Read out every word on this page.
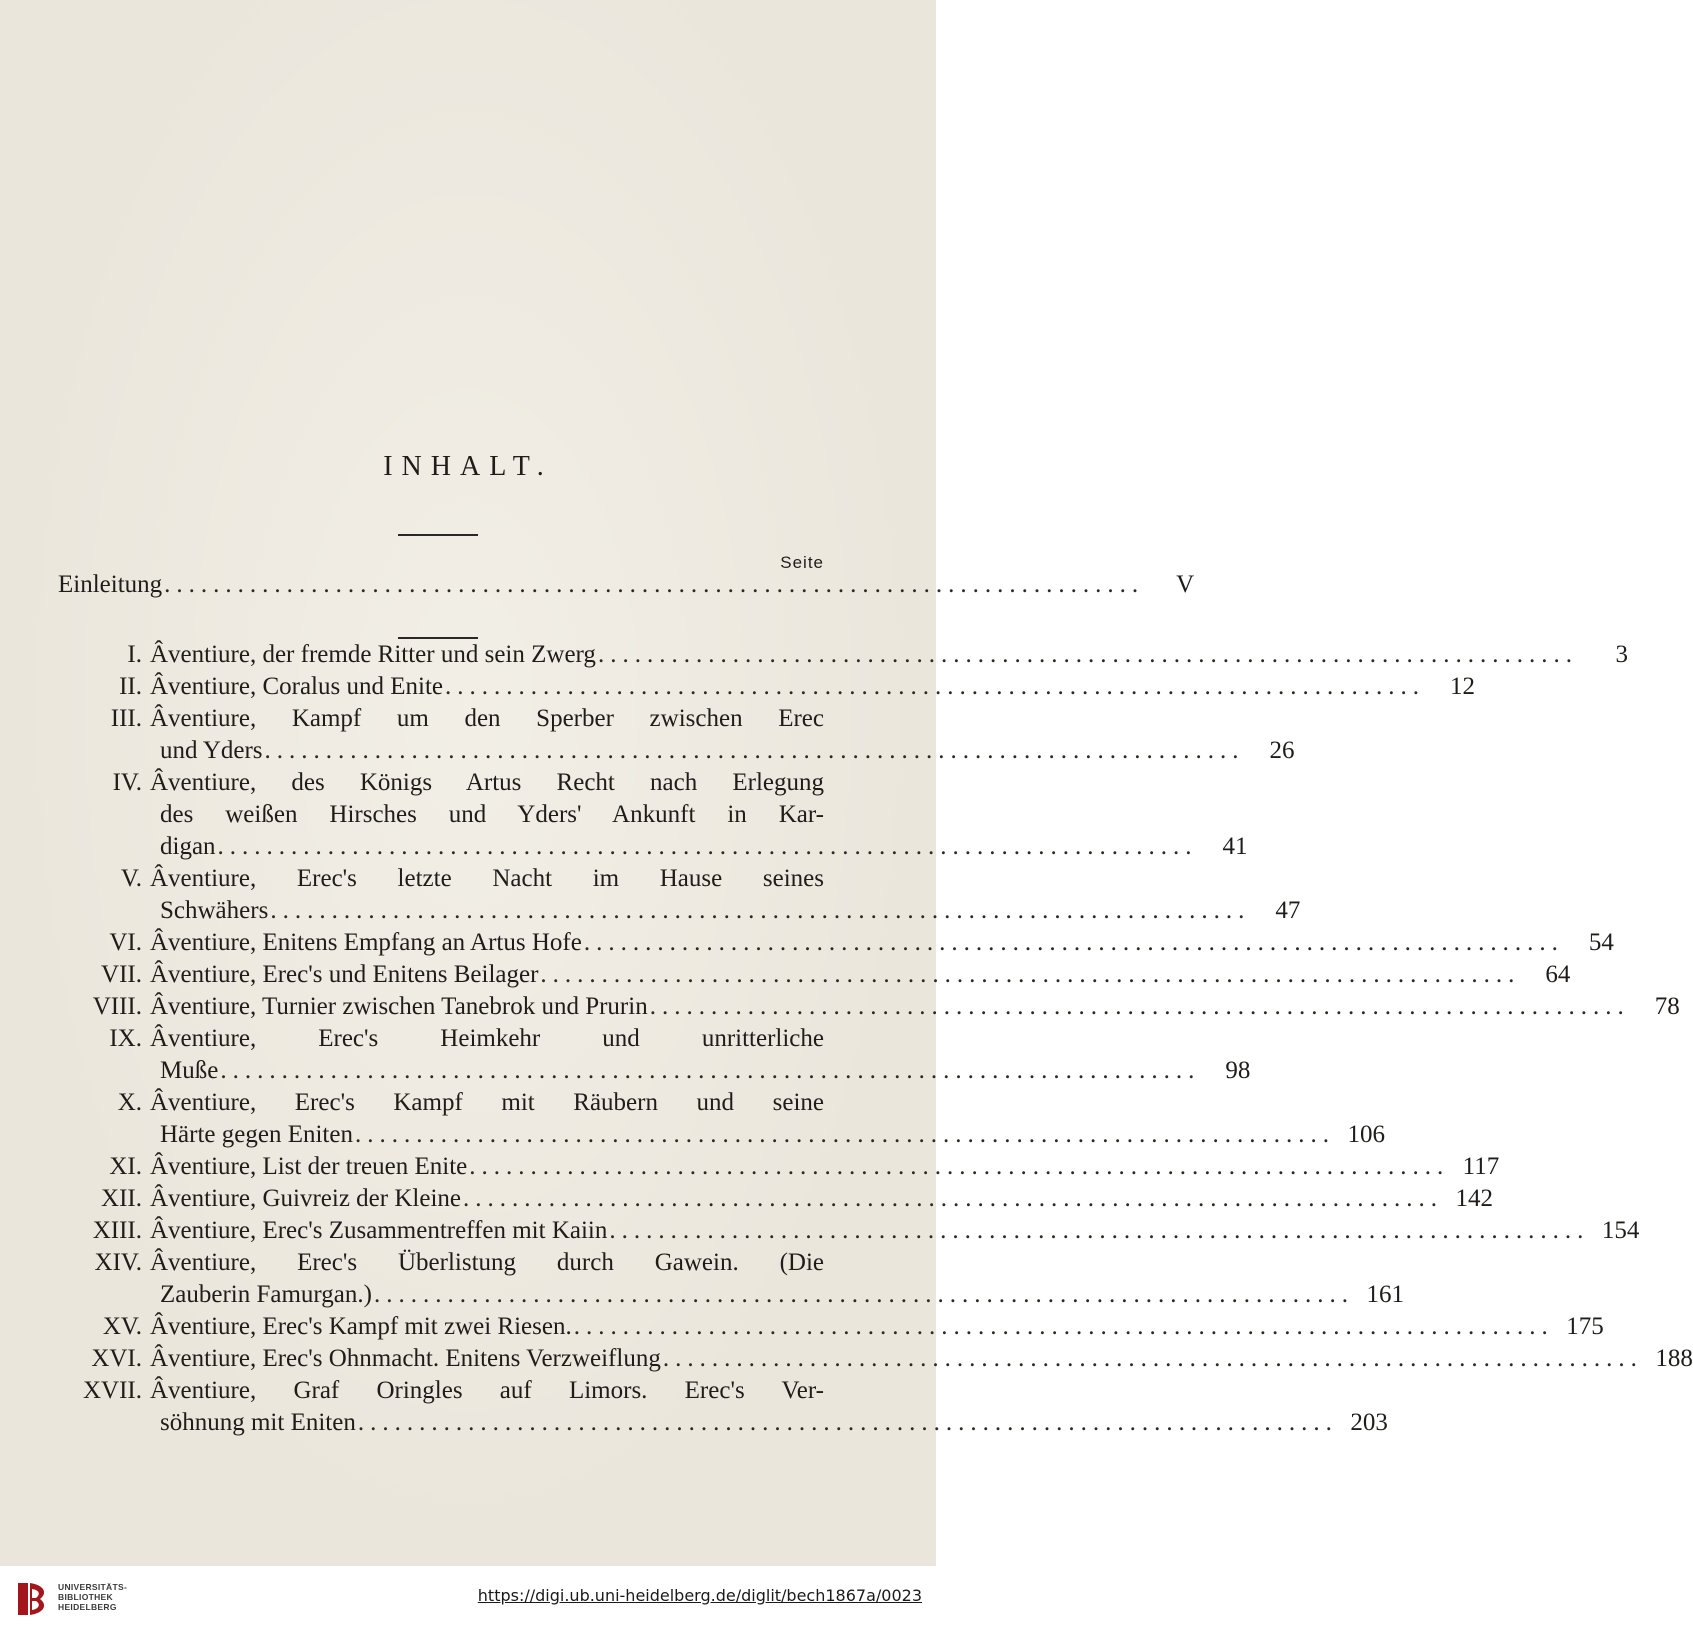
INHALT.
Seite
Einleitung ................................................................................	V
I. Âventiure, der fremde Ritter und sein Zwerg ................................................................................	3
II. Âventiure, Coralus und Enite ................................................................................	12
III. Âventiure, Kampf um den Sperber zwischen Erec
und Yders ................................................................................	26
IV. Âventiure, des Königs Artus Recht nach Erlegung
des weißen Hirsches und Yders' Ankunft in Kar-
digan ................................................................................	41
V. Âventiure, Erec's letzte Nacht im Hause seines
Schwähers ................................................................................	47
VI. Âventiure, Enitens Empfang an Artus Hofe ................................................................................	54
VII. Âventiure, Erec's und Enitens Beilager ................................................................................	64
VIII. Âventiure, Turnier zwischen Tanebrok und Prurin ................................................................................	78
IX. Âventiure, Erec's Heimkehr und unritterliche
Muße ................................................................................	98
X. Âventiure, Erec's Kampf mit Räubern und seine
Härte gegen Eniten ................................................................................ 106
XI. Âventiure, List der treuen Enite ................................................................................ 117
XII. Âventiure, Guivreiz der Kleine ................................................................................ 142
XIII. Âventiure, Erec's Zusammentreffen mit Kaiin ................................................................................ 154
XIV. Âventiure, Erec's Überlistung durch Gawein. (Die
Zauberin Famurgan.) ................................................................................ 161
XV. Âventiure, Erec's Kampf mit zwei Riesen. ................................................................................ 175
XVI. Âventiure, Erec's Ohnmacht. Enitens Verzweiflung ................................................................................ 188
XVII. Âventiure, Graf Oringles auf Limors. Erec's Ver-
söhnung mit Eniten ................................................................................ 203
UNIVERSITÄTS-
BIBLIOTHEK
HEIDELBERG
https://digi.ub.uni-heidelberg.de/diglit/bech1867a/0023
